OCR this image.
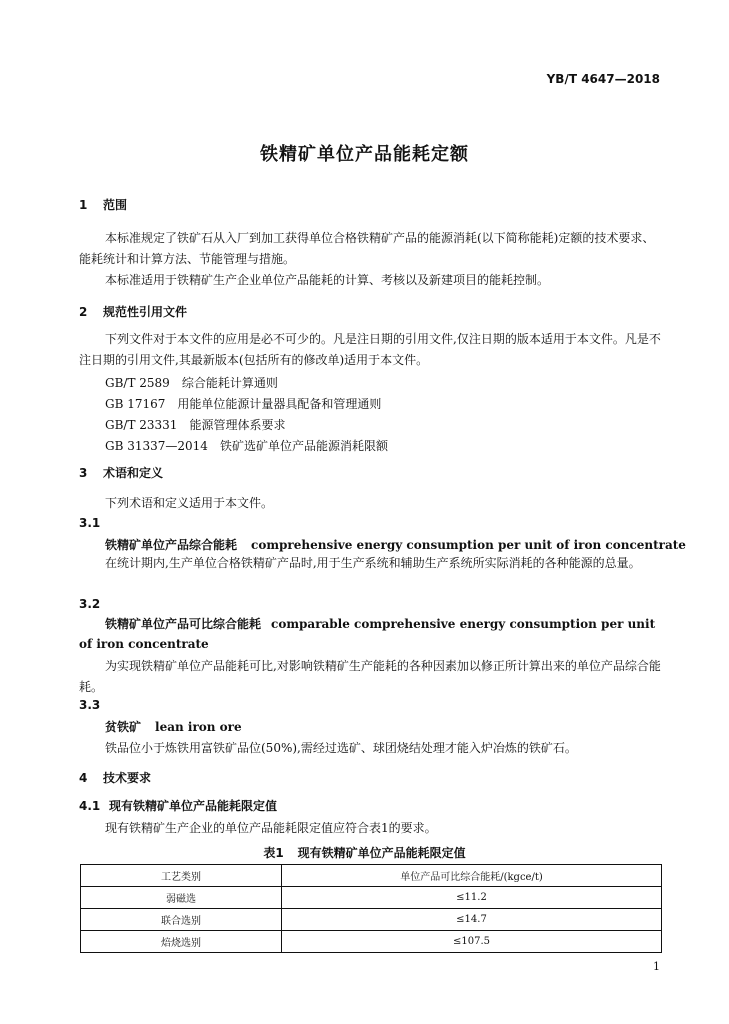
YB/T 4647—2018
铁精矿单位产品能耗定额
1 范围
本标准规定了铁矿石从入厂到加工获得单位合格铁精矿产品的能源消耗(以下简称能耗)定额的技术要求、能耗统计和计算方法、节能管理与措施。
本标准适用于铁精矿生产企业单位产品能耗的计算、考核以及新建项目的能耗控制。
2 规范性引用文件
下列文件对于本文件的应用是必不可少的。凡是注日期的引用文件,仅注日期的版本适用于本文件。凡是不注日期的引用文件,其最新版本(包括所有的修改单)适用于本文件。
GB/T 2589 综合能耗计算通则
GB 17167 用能单位能源计量器具配备和管理通则
GB/T 23331 能源管理体系要求
GB 31337—2014 铁矿选矿单位产品能源消耗限额
3 术语和定义
下列术语和定义适用于本文件。
3.1
铁精矿单位产品综合能耗 comprehensive energy consumption per unit of iron concentrate
在统计期内,生产单位合格铁精矿产品时,用于生产系统和辅助生产系统所实际消耗的各种能源的总量。
3.2
铁精矿单位产品可比综合能耗 comparable comprehensive energy consumption per unit of iron concentrate
为实现铁精矿单位产品能耗可比,对影响铁精矿生产能耗的各种因素加以修正所计算出来的单位产品综合能耗。
3.3
贫铁矿 lean iron ore
铁品位小于炼铁用富铁矿品位(50%),需经过选矿、球团烧结处理才能入炉冶炼的铁矿石。
4 技术要求
4.1 现有铁精矿单位产品能耗限定值
现有铁精矿生产企业的单位产品能耗限定值应符合表1的要求。
表1 现有铁精矿单位产品能耗限定值
工艺类别	单位产品可比综合能耗/(kgce/t)
弱磁选	≤11.2
联合选别	≤14.7
焙烧选别	≤107.5
1
